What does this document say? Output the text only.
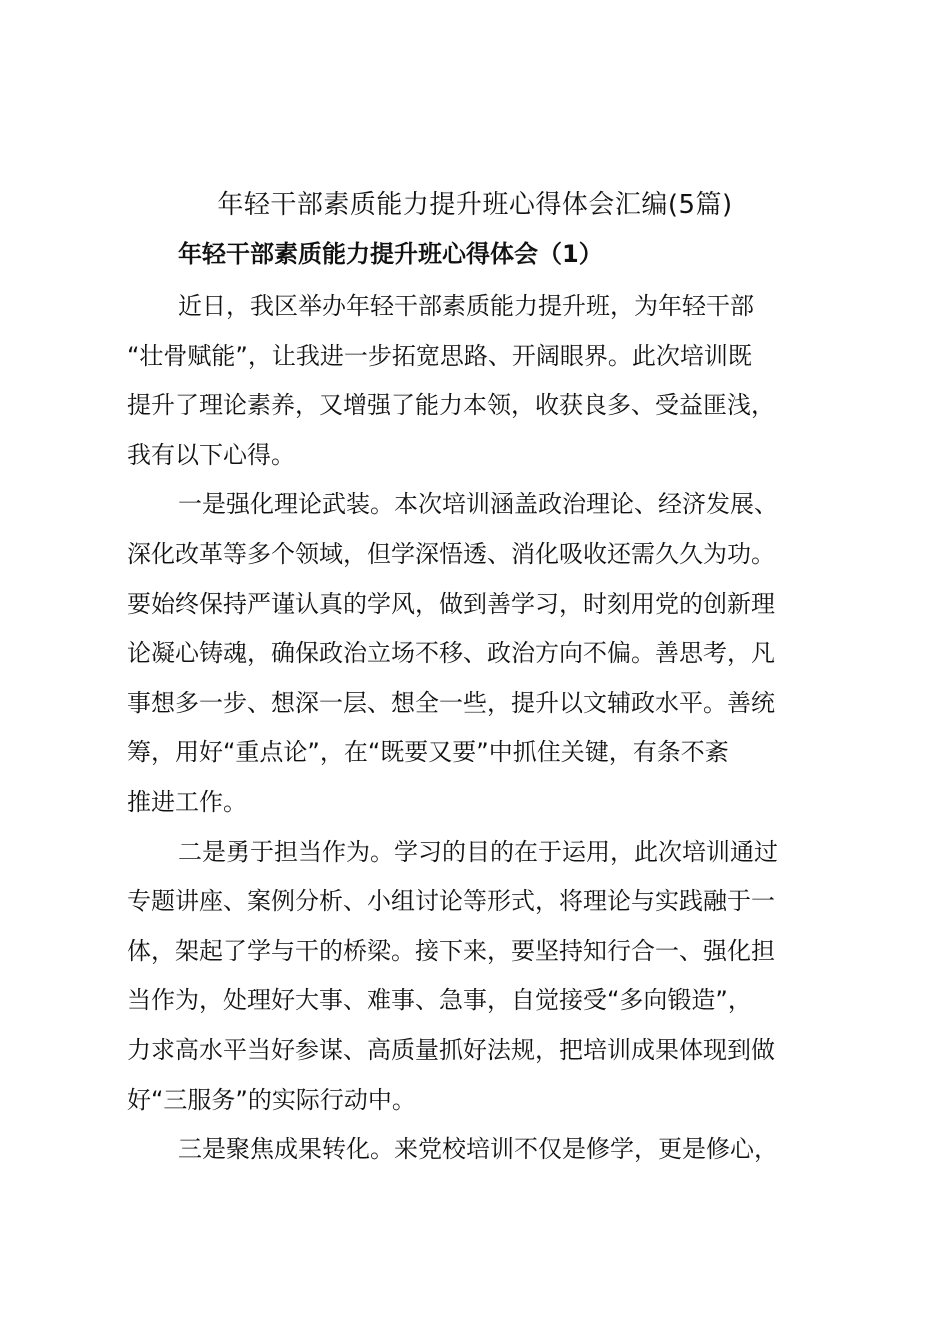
年轻干部素质能力提升班心得体会汇编(5篇)
年轻干部素质能力提升班心得体会（1）

近日，我区举办年轻干部素质能力提升班，为年轻干部
“壮骨赋能”，让我进一步拓宽思路、开阔眼界。此次培训既
提升了理论素养，又增强了能力本领，收获良多、受益匪浅，
我有以下心得。

一是强化理论武装。本次培训涵盖政治理论、经济发展、
深化改革等多个领域，但学深悟透、消化吸收还需久久为功。
要始终保持严谨认真的学风，做到善学习，时刻用党的创新理
论凝心铸魂，确保政治立场不移、政治方向不偏。善思考，凡
事想多一步、想深一层、想全一些，提升以文辅政水平。善统
筹，用好“重点论”，在“既要又要”中抓住关键，有条不紊
推进工作。

二是勇于担当作为。学习的目的在于运用，此次培训通过
专题讲座、案例分析、小组讨论等形式，将理论与实践融于一
体，架起了学与干的桥梁。接下来，要坚持知行合一、强化担
当作为，处理好大事、难事、急事，自觉接受“多向锻造”，
力求高水平当好参谋、高质量抓好法规，把培训成果体现到做
好“三服务”的实际行动中。

三是聚焦成果转化。来党校培训不仅是修学，更是修心，
